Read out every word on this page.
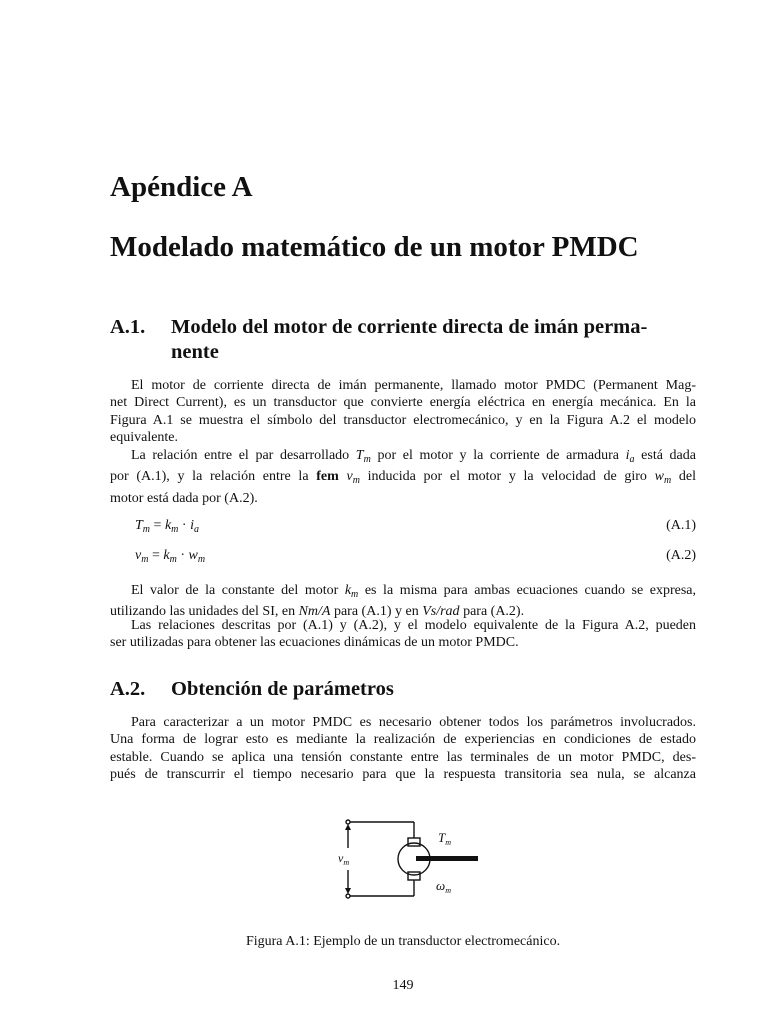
Apéndice A
Modelado matemático de un motor PMDC
A.1. Modelo del motor de corriente directa de imán perma-
nente

El motor de corriente directa de imán permanente, llamado motor PMDC (Permanent Mag-
net Direct Current), es un transductor que convierte energía eléctrica en energía mecánica. En la
Figura A.1 se muestra el símbolo del transductor electromecánico, y en la Figura A.2 el modelo
equivalente.

La relación entre el par desarrollado $T_m$ por el motor y la corriente de armadura $i_a$ está dada
por (A.1), y la relación entre la fem $v_m$ inducida por el motor y la velocidad de giro $w_m$ del
motor está dada por (A.2).

$T_m = k_m \cdot i_a$	(A.1)
$v_m = k_m \cdot w_m$	(A.2)

El valor de la constante del motor $k_m$ es la misma para ambas ecuaciones cuando se expresa,
utilizando las unidades del SI, en Nm/A para (A.1) y en Vs/rad para (A.2).

Las relaciones descritas por (A.1) y (A.2), y el modelo equivalente de la Figura A.2, pueden
ser utilizadas para obtener las ecuaciones dinámicas de un motor PMDC.

A.2. Obtención de parámetros

Para caracterizar a un motor PMDC es necesario obtener todos los parámetros involucrados.
Una forma de lograr esto es mediante la realización de experiencias en condiciones de estado
estable. Cuando se aplica una tensión constante entre las terminales de un motor PMDC, des-
pués de transcurrir el tiempo necesario para que la respuesta transitoria sea nula, se alcanza

$v_m$
$T_m$
$\omega_m$
Figura A.1: Ejemplo de un transductor electromecánico.
149
